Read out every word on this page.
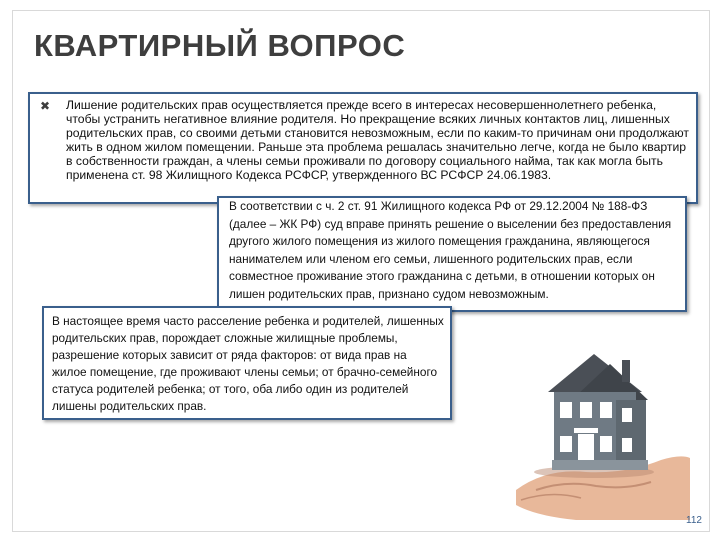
КВАРТИРНЫЙ ВОПРОС
✖ Лишение родительских прав осуществляется прежде всего в интересах несовершеннолетнего ребенка, чтобы устранить негативное влияние родителя. Но прекращение всяких личных контактов лиц, лишенных родительских прав, со своими детьми становится невозможным, если по каким-то причинам они продолжают жить в одном жилом помещении. Раньше эта проблема решалась значительно легче, когда не было квартир в собственности граждан, а члены семьи проживали по договору социального найма, так как могла быть применена ст. 98 Жилищного Кодекса РСФСР, утвержденного ВС РСФСР 24.06.1983.
В соответствии с ч. 2 ст. 91 Жилищного кодекса РФ от 29.12.2004 № 188-ФЗ (далее – ЖК РФ) суд вправе принять решение о выселении без предоставления другого жилого помещения из жилого помещения гражданина, являющегося нанимателем или членом его семьи, лишенного родительских прав, если совместное проживание этого гражданина с детьми, в отношении которых он лишен родительских прав, признано судом невозможным.
В настоящее время часто расселение ребенка и родителей, лишенных родительских прав, порождает сложные жилищные проблемы, разрешение которых зависит от ряда факторов: от вида прав на жилое помещение, где проживают члены семьи; от брачно-семейного статуса родителей ребенка; от того, оба либо один из родителей лишены родительских прав.
112
